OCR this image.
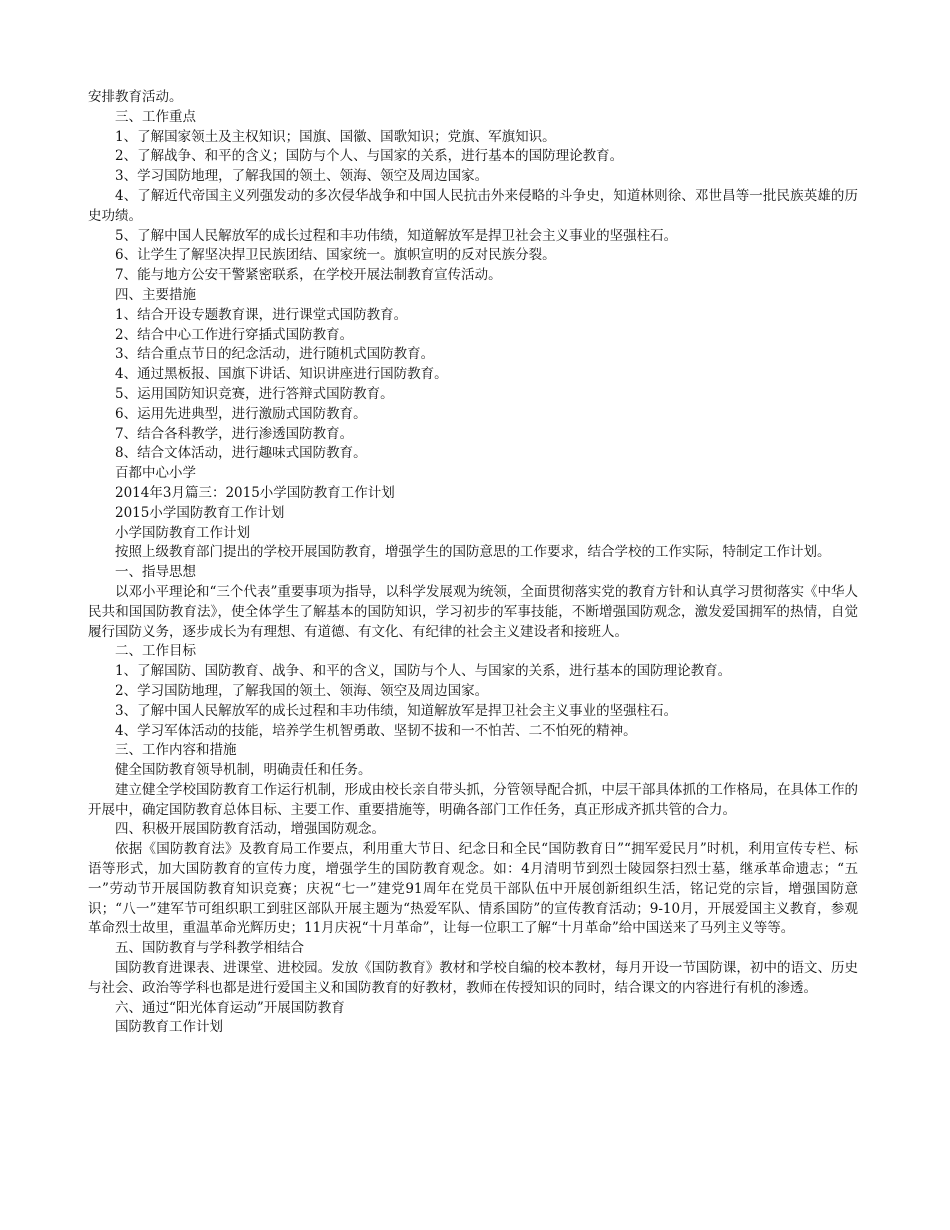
安排教育活动。

三、工作重点

1、了解国家领土及主权知识；国旗、国徽、国歌知识；党旗、军旗知识。

2、了解战争、和平的含义；国防与个人、与国家的关系，进行基本的国防理论教育。

3、学习国防地理，了解我国的领土、领海、领空及周边国家。

4、了解近代帝国主义列强发动的多次侵华战争和中国人民抗击外来侵略的斗争史，知道林则徐、邓世昌等一批民族英雄的历史功绩。

5、了解中国人民解放军的成长过程和丰功伟绩，知道解放军是捍卫社会主义事业的坚强柱石。

6、让学生了解坚决捍卫民族团结、国家统一。旗帜宣明的反对民族分裂。

7、能与地方公安干警紧密联系，在学校开展法制教育宣传活动。

四、主要措施

1、结合开设专题教育课，进行课堂式国防教育。

2、结合中心工作进行穿插式国防教育。

3、结合重点节日的纪念活动，进行随机式国防教育。

4、通过黑板报、国旗下讲话、知识讲座进行国防教育。

5、运用国防知识竞赛，进行答辩式国防教育。

6、运用先进典型，进行激励式国防教育。

7、结合各科教学，进行渗透国防教育。

8、结合文体活动，进行趣味式国防教育。

百都中心小学

2014年3月篇三：2015小学国防教育工作计划

2015小学国防教育工作计划

小学国防教育工作计划

按照上级教育部门提出的学校开展国防教育，增强学生的国防意思的工作要求，结合学校的工作实际，特制定工作计划。

一、指导思想

以邓小平理论和“三个代表”重要事项为指导，以科学发展观为统领，全面贯彻落实党的教育方针和认真学习贯彻落实《中华人民共和国国防教育法》，使全体学生了解基本的国防知识，学习初步的军事技能，不断增强国防观念，激发爱国拥军的热情，自觉履行国防义务，逐步成长为有理想、有道德、有文化、有纪律的社会主义建设者和接班人。

二、工作目标

1、了解国防、国防教育、战争、和平的含义，国防与个人、与国家的关系，进行基本的国防理论教育。

2、学习国防地理，了解我国的领土、领海、领空及周边国家。

3、了解中国人民解放军的成长过程和丰功伟绩，知道解放军是捍卫社会主义事业的坚强柱石。

4、学习军体活动的技能，培养学生机智勇敢、坚韧不拔和一不怕苦、二不怕死的精神。

三、工作内容和措施

健全国防教育领导机制，明确责任和任务。

建立健全学校国防教育工作运行机制，形成由校长亲自带头抓，分管领导配合抓，中层干部具体抓的工作格局，在具体工作的开展中，确定国防教育总体目标、主要工作、重要措施等，明确各部门工作任务，真正形成齐抓共管的合力。

四、积极开展国防教育活动，增强国防观念。

依据《国防教育法》及教育局工作要点，利用重大节日、纪念日和全民“国防教育日”“拥军爱民月”时机，利用宣传专栏、标语等形式，加大国防教育的宣传力度，增强学生的国防教育观念。如：4月清明节到烈士陵园祭扫烈士墓，继承革命遗志；“五一”劳动节开展国防教育知识竞赛；庆祝“七一”建党91周年在党员干部队伍中开展创新组织生活，铭记党的宗旨，增强国防意识；“八一”建军节可组织职工到驻区部队开展主题为“热爱军队、情系国防”的宣传教育活动；9-10月，开展爱国主义教育，参观革命烈士故里，重温革命光辉历史；11月庆祝“十月革命”，让每一位职工了解“十月革命”给中国送来了马列主义等等。

五、国防教育与学科教学相结合

国防教育进课表、进课堂、进校园。发放《国防教育》教材和学校自编的校本教材，每月开设一节国防课，初中的语文、历史与社会、政治等学科也都是进行爱国主义和国防教育的好教材，教师在传授知识的同时，结合课文的内容进行有机的渗透。

六、通过“阳光体育运动”开展国防教育

国防教育工作计划
